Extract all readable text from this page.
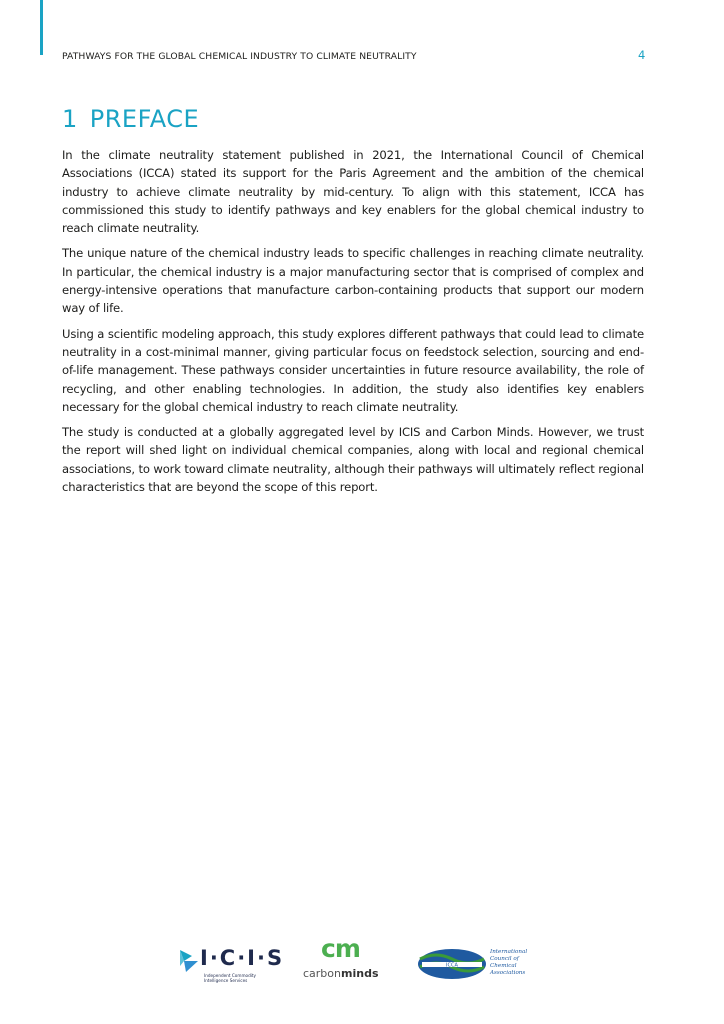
PATHWAYS FOR THE GLOBAL CHEMICAL INDUSTRY TO CLIMATE NEUTRALITY	4
1 PREFACE

In the climate neutrality statement published in 2021, the International Council of Chemical Associations (ICCA) stated its support for the Paris Agreement and the ambition of the chemical industry to achieve climate neutrality by mid-century. To align with this statement, ICCA has commissioned this study to identify pathways and key enablers for the global chemical industry to reach climate neutrality.

The unique nature of the chemical industry leads to specific challenges in reaching climate neutrality. In particular, the chemical industry is a major manufacturing sector that is comprised of complex and energy-intensive operations that manufacture carbon-containing products that support our modern way of life.

Using a scientific modeling approach, this study explores different pathways that could lead to climate neutrality in a cost-minimal manner, giving particular focus on feedstock selection, sourcing and end-of-life management. These pathways consider uncertainties in future resource availability, the role of recycling, and other enabling technologies. In addition, the study also identifies key enablers necessary for the global chemical industry to reach climate neutrality.

The study is conducted at a globally aggregated level by ICIS and Carbon Minds. However, we trust the report will shed light on individual chemical companies, along with local and regional chemical associations, to work toward climate neutrality, although their pathways will ultimately reflect regional characteristics that are beyond the scope of this report.

I·C·I·S
Independent Commodity Intelligence Services
cm
carbonminds
ICCA
International Council of Chemical Associations
